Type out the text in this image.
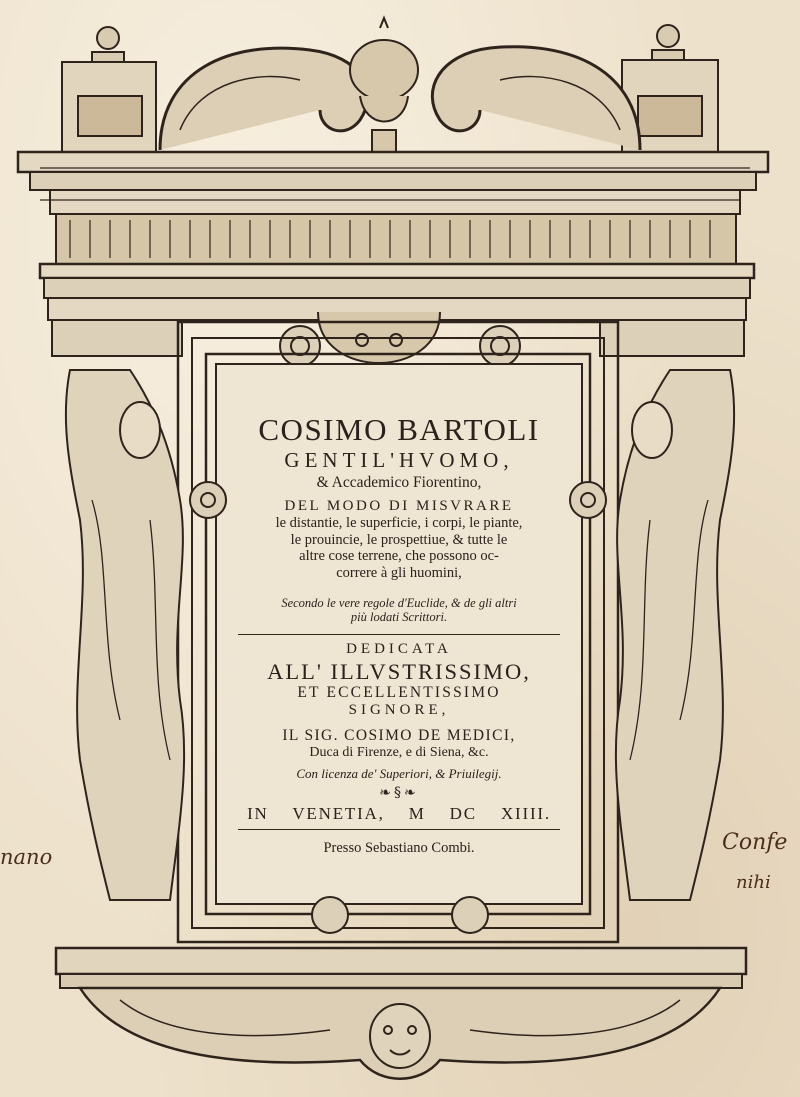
COSIMO BARTOLI
GENTIL'HVOMO,
& Accademico Fiorentino,
DEL MODO DI MISVRARE
le distantie, le superficie, i corpi, le piante,
le prouincie, le prospettiue, & tutte le
altre cose terrene, che possono oc-
correre à gli huomini,
Secondo le vere regole d'Euclide, & de gli altri
più lodati Scrittori.
DEDICATA
ALL' ILLVSTRISSIMO,
ET ECCELLENTISSIMO
SIGNORE,
IL SIG. COSIMO DE MEDICI,
Duca di Firenze, e di Siena, &c.
Con licenza de' Superiori, & Priuilegij.
❧§❧
IN VENETIA, M DC XIIII.
Presso Sebastiano Combi.
nano
Confe
nihi
